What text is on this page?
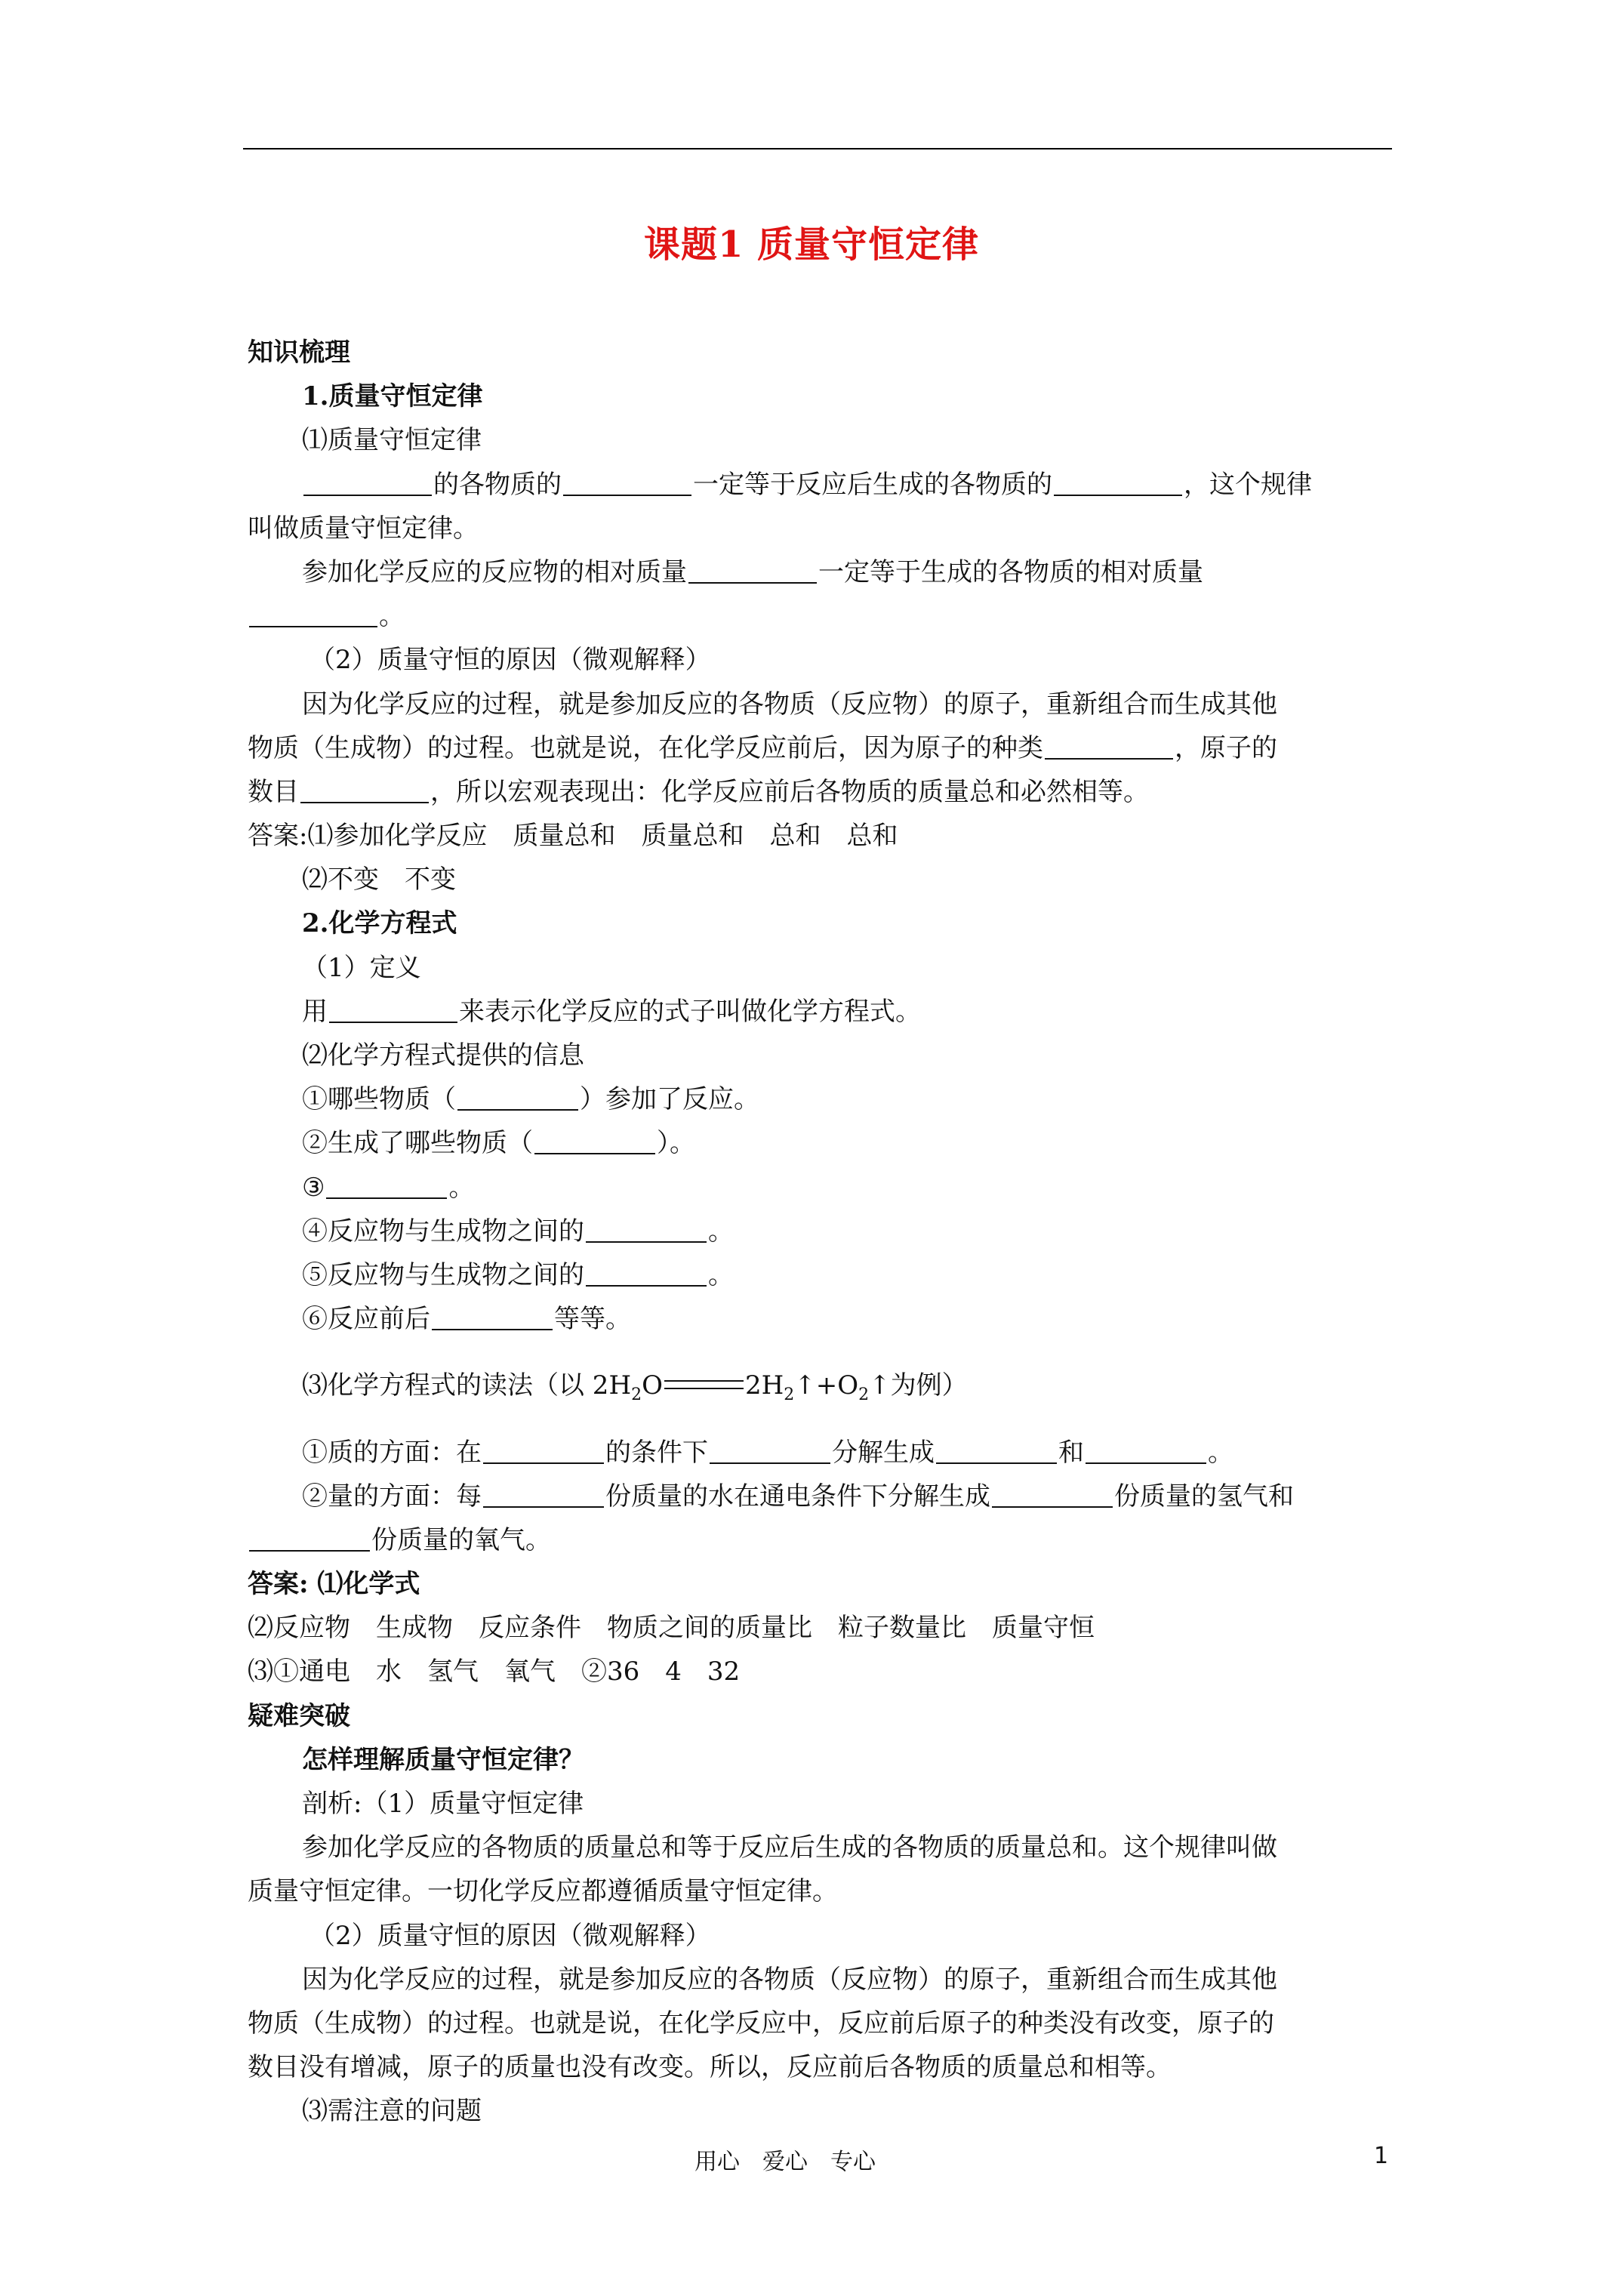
课题1 质量守恒定律
知识梳理
1.质量守恒定律
⑴质量守恒定律
的各物质的	一定等于反应后生成的各物质的	，这个规律
叫做质量守恒定律。
参加化学反应的反应物的相对质量	一定等于生成的各物质的相对质量
。
（2）质量守恒的原因（微观解释）
因为化学反应的过程，就是参加反应的各物质（反应物）的原子，重新组合而生成其他
物质（生成物）的过程。也就是说，在化学反应前后，因为原子的种类	，原子的
数目	，所以宏观表现出：化学反应前后各物质的质量总和必然相等。
答案:⑴参加化学反应　质量总和　质量总和　总和　总和
⑵不变　不变
2.化学方程式
（1）定义
用	来表示化学反应的式子叫做化学方程式。
⑵化学方程式提供的信息
①哪些物质（	）参加了反应。
②生成了哪些物质（	）。
③	。
④反应物与生成物之间的	。
⑤反应物与生成物之间的	。
⑥反应前后	等等。
⑶化学方程式的读法（以 $2H_2O$	$2H_2↑+O_2↑$为例）
①质的方面：在	的条件下	分解生成	和	。
②量的方面：每	份质量的水在通电条件下分解生成	份质量的氢气和
份质量的氧气。
答案: ⑴化学式
⑵反应物　生成物　反应条件　物质之间的质量比　粒子数量比　质量守恒
⑶①通电　水　氢气　氧气　②36　4　32
疑难突破
怎样理解质量守恒定律？
剖析:（1）质量守恒定律
参加化学反应的各物质的质量总和等于反应后生成的各物质的质量总和。这个规律叫做
质量守恒定律。一切化学反应都遵循质量守恒定律。
（2）质量守恒的原因（微观解释）
因为化学反应的过程，就是参加反应的各物质（反应物）的原子，重新组合而生成其他
物质（生成物）的过程。也就是说，在化学反应中，反应前后原子的种类没有改变，原子的
数目没有增减，原子的质量也没有改变。所以，反应前后各物质的质量总和相等。
⑶需注意的问题
用心　爱心　专心	1
